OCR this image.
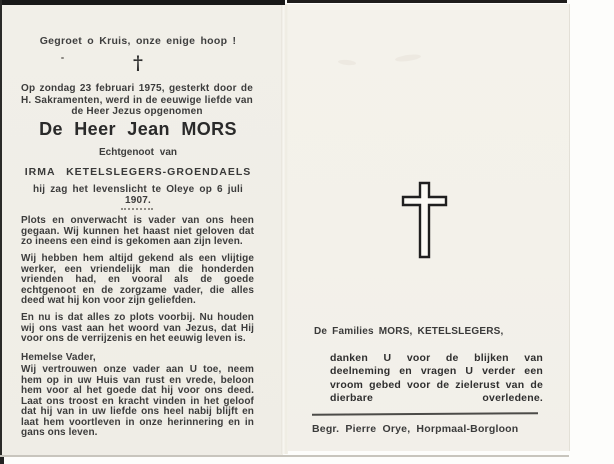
Gegroet o Kruis, onze enige hoop !
†
Op zondag 23 februari 1975, gesterkt door de H. Sakramenten, werd in de eeuwige liefde van de Heer Jezus opgenomen
De Heer Jean MORS
Echtgenoot van
IRMA KETELSLEGERS-GROENDAELS
hij zag het levenslicht te Oleye op 6 juli 1907.

Plots en onverwacht is vader van ons heen gegaan. Wij kunnen het haast niet geloven dat zo ineens een eind is gekomen aan zijn leven.

Wij hebben hem altijd gekend als een vlijtige werker, een vriendelijk man die honderden vrienden had, en vooral als de goede echtgenoot en de zorgzame vader, die alles deed wat hij kon voor zijn geliefden.

En nu is dat alles zo plots voorbij. Nu houden wij ons vast aan het woord van Jezus, dat Hij voor ons de verrijzenis en het eeuwig leven is.

Hemelse Vader,

Wij vertrouwen onze vader aan U toe, neem hem op in uw Huis van rust en vrede, beloon hem voor al het goede dat hij voor ons deed. Laat ons troost en kracht vinden in het geloof dat hij van in uw liefde ons heel nabij blijft en laat hem voortleven in onze herinnering en in gans ons leven.

De Families MORS, KETELSLEGERS,
danken U voor de blijken van deelneming en vragen U verder een vroom gebed voor de zielerust van de dierbare overledene.
Begr. Pierre Orye, Horpmaal-Borgloon
